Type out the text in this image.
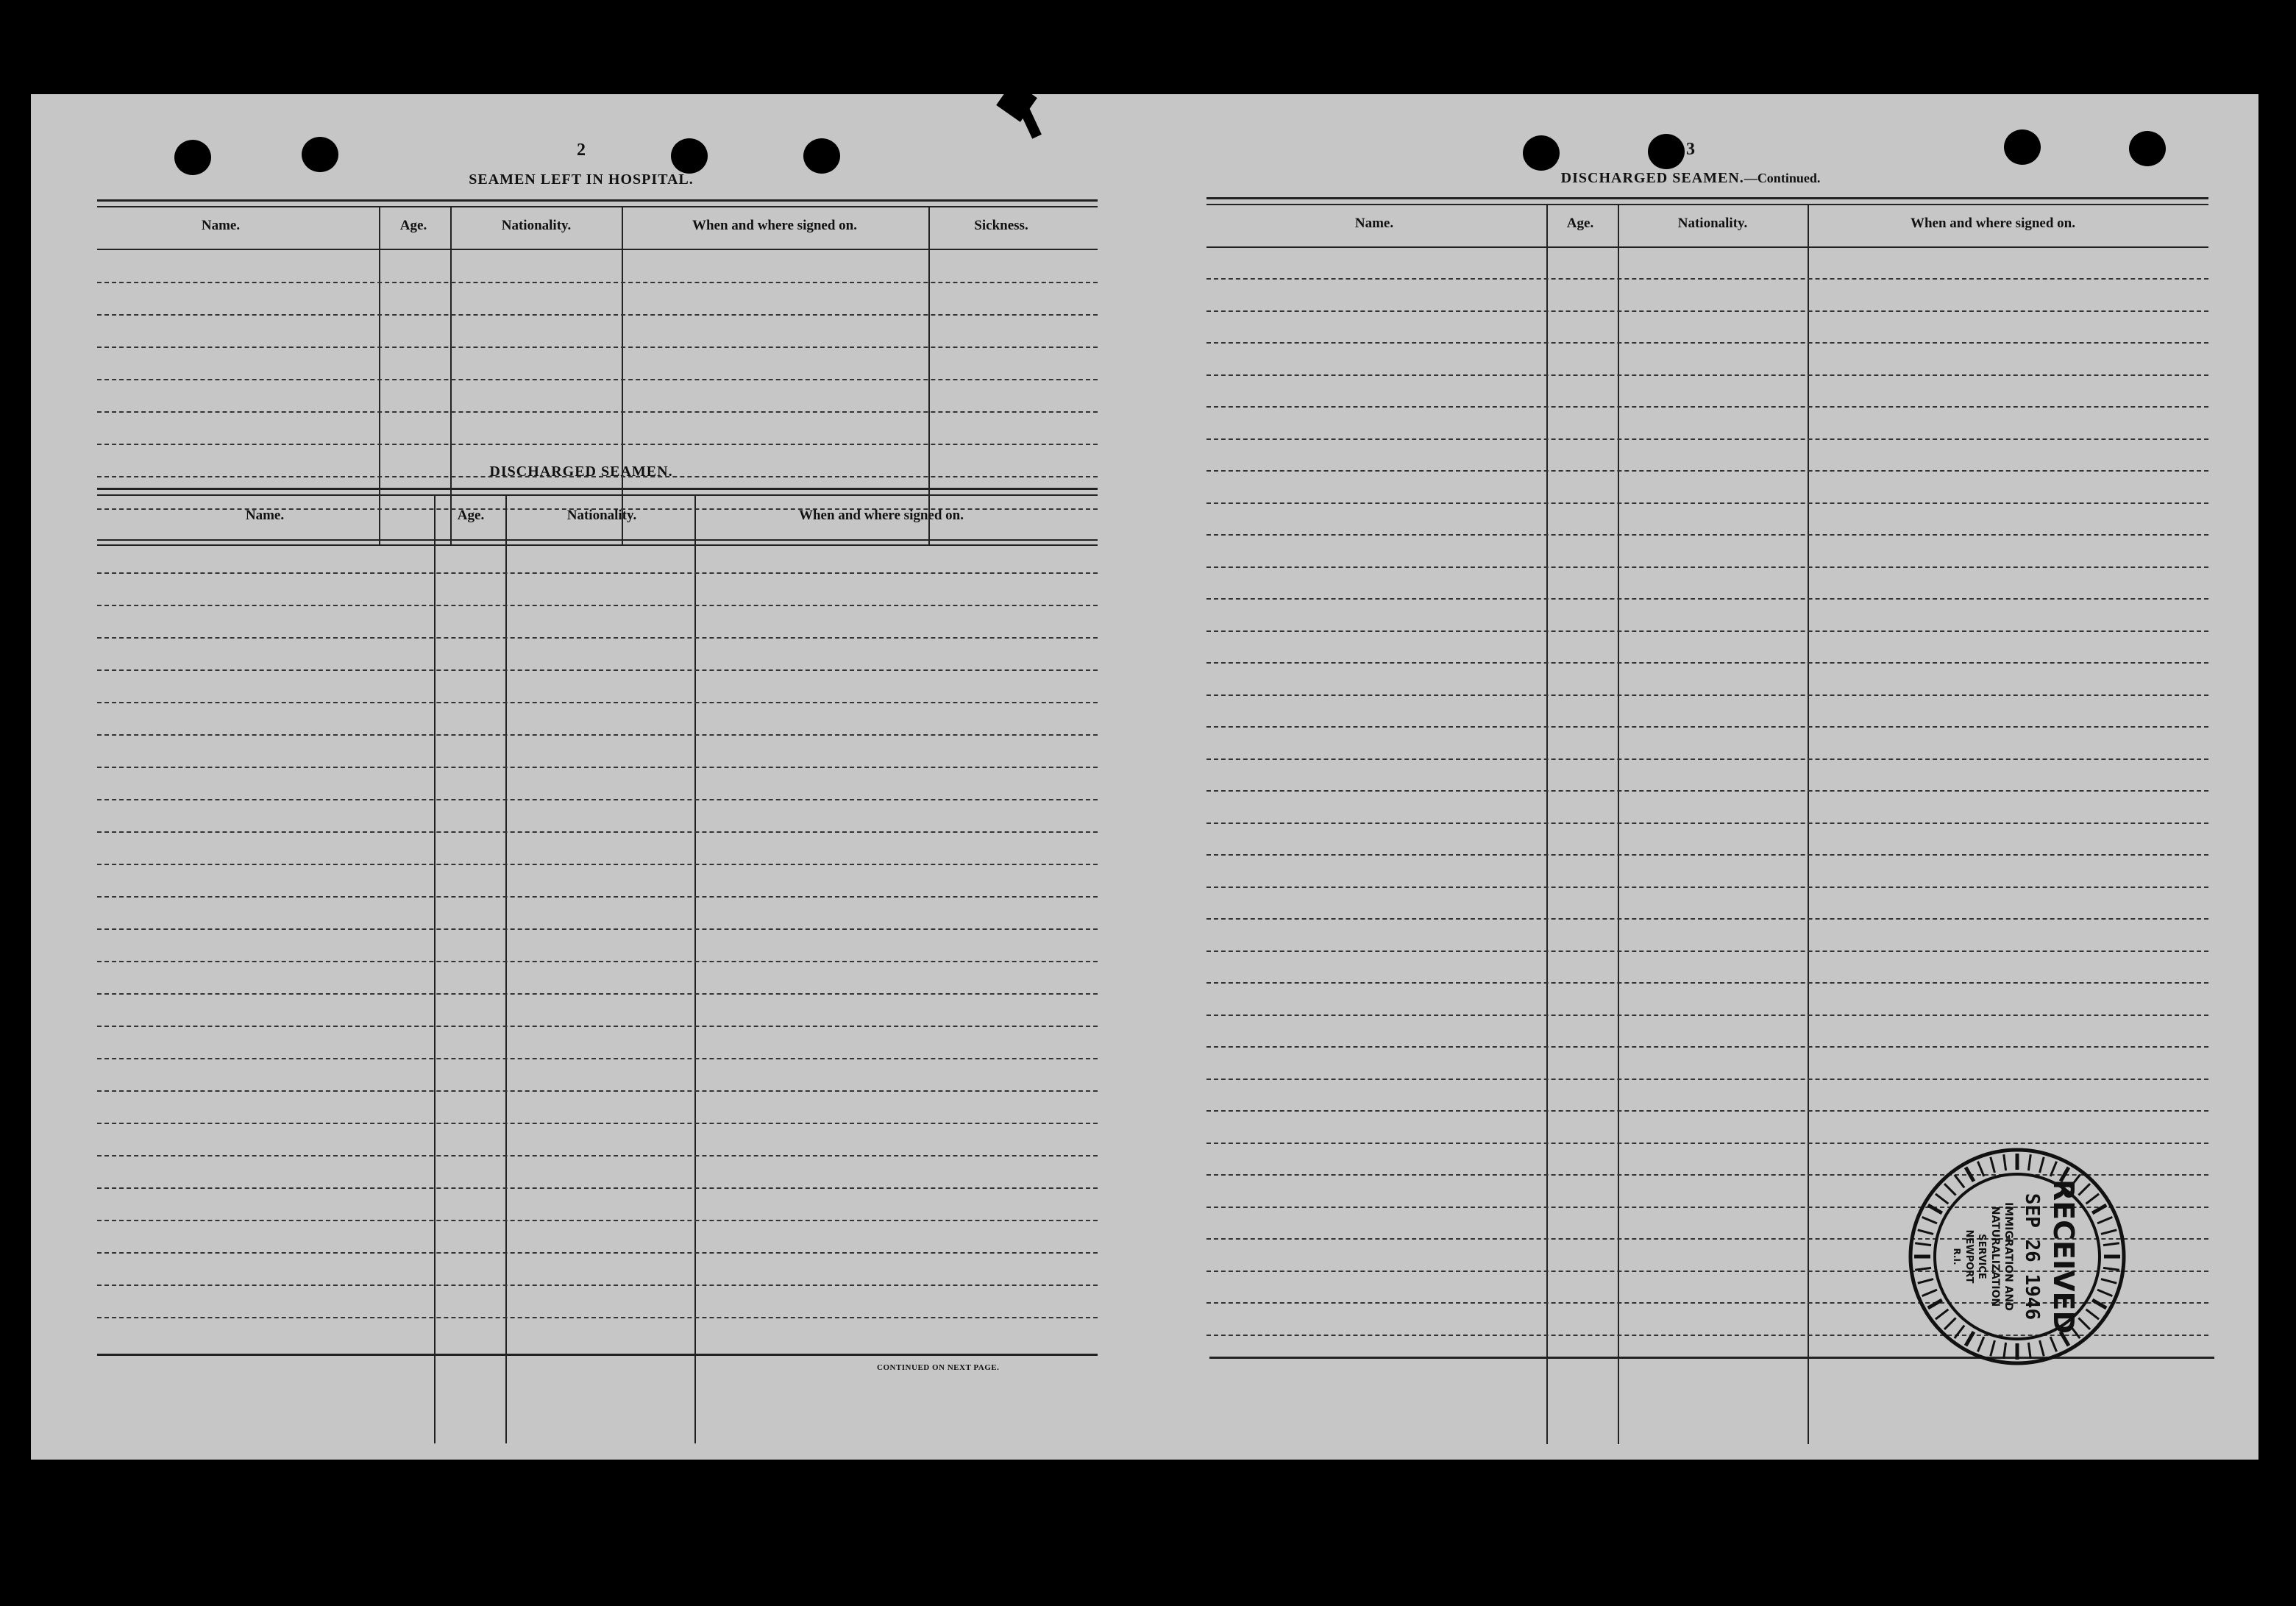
2
SEAMEN LEFT IN HOSPITAL.
Name.	Age.	Nationality.	When and where signed on.	Sickness.
DISCHARGED SEAMEN.
Name.	Age.	Nationality.	When and where signed on.
CONTINUED ON NEXT PAGE.
3
DISCHARGED SEAMEN.—Continued.
Name.	Age.	Nationality.	When and where signed on.
RECEIVED
SEP 26 1946
IMMIGRATION AND
NATURALIZATION
SERVICE
NEWPORT
R.I.
